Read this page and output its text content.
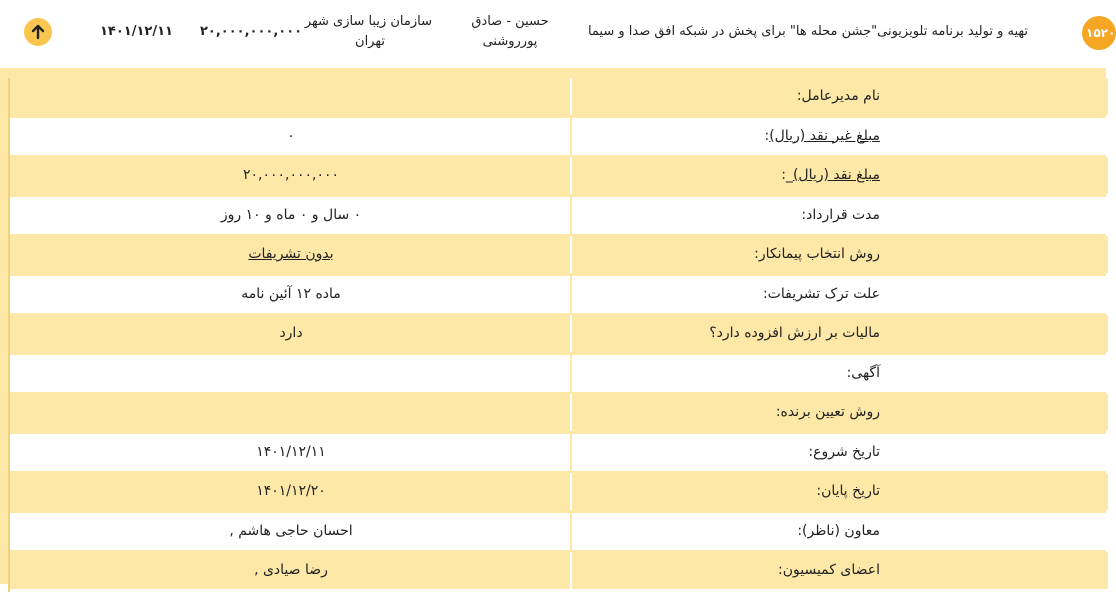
۱۵۲۰
تهیه و تولید برنامه تلویزیونی"جشن محله ها" برای پخش در شبکه افق صدا و سیما
حسین - صادق
پورروشنی
سازمان زیبا سازی شهر
تهران
۲۰,۰۰۰,۰۰۰,۰۰۰
۱۴۰۱/۱۲/۱۱
نام مدیرعامل:
مبلغ غیر نقد (ریال):
۰
مبلغ نقد (ریال)_:
۲۰,۰۰۰,۰۰۰,۰۰۰
مدت قرارداد:
۰ سال و ۰ ماه و ۱۰ روز
روش انتخاب پیمانکار:
بدون تشریفات
علت ترک تشریفات:
ماده ۱۲ آئین نامه
مالیات بر ارزش افزوده دارد؟
دارد
آگهی:
روش تعیین برنده:
تاریخ شروع:
۱۴۰۱/۱۲/۱۱
تاریخ پایان:
۱۴۰۱/۱۲/۲۰
معاون (ناظر):
احسان حاجی هاشم ,
اعضای کمیسیون:
رضا صیادی ,
